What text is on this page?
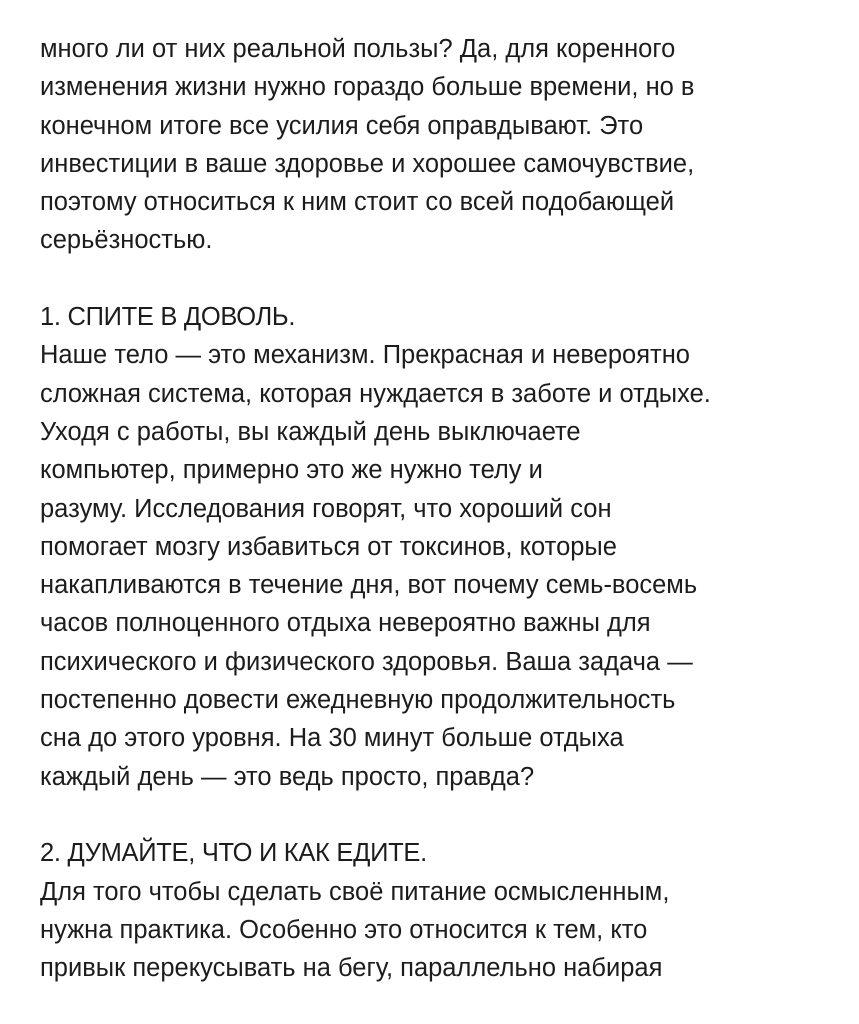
много ли от них реальной пользы? Да, для коренного
изменения жизни нужно гораздо больше времени, но в
конечном итоге все усилия себя оправдывают. Это
инвестиции в ваше здоровье и хорошее самочувствие,
поэтому относиться к ним стоит со всей подобающей
серьёзностью.
1. СПИТЕ В ДОВОЛЬ.
Наше тело — это механизм. Прекрасная и невероятно
сложная система, которая нуждается в заботе и отдыхе.
Уходя с работы, вы каждый день выключаете
компьютер, примерно это же нужно телу и
разуму. Исследования говорят, что хороший сон
помогает мозгу избавиться от токсинов, которые
накапливаются в течение дня, вот почему семь-восемь
часов полноценного отдыха невероятно важны для
психического и физического здоровья. Ваша задача —
постепенно довести ежедневную продолжительность
сна до этого уровня. На 30 минут больше отдыха
каждый день — это ведь просто, правда?
2. ДУМАЙТЕ, ЧТО И КАК ЕДИТЕ.
Для того чтобы сделать своё питание осмысленным,
нужна практика. Особенно это относится к тем, кто
привык перекусывать на бегу, параллельно набирая
